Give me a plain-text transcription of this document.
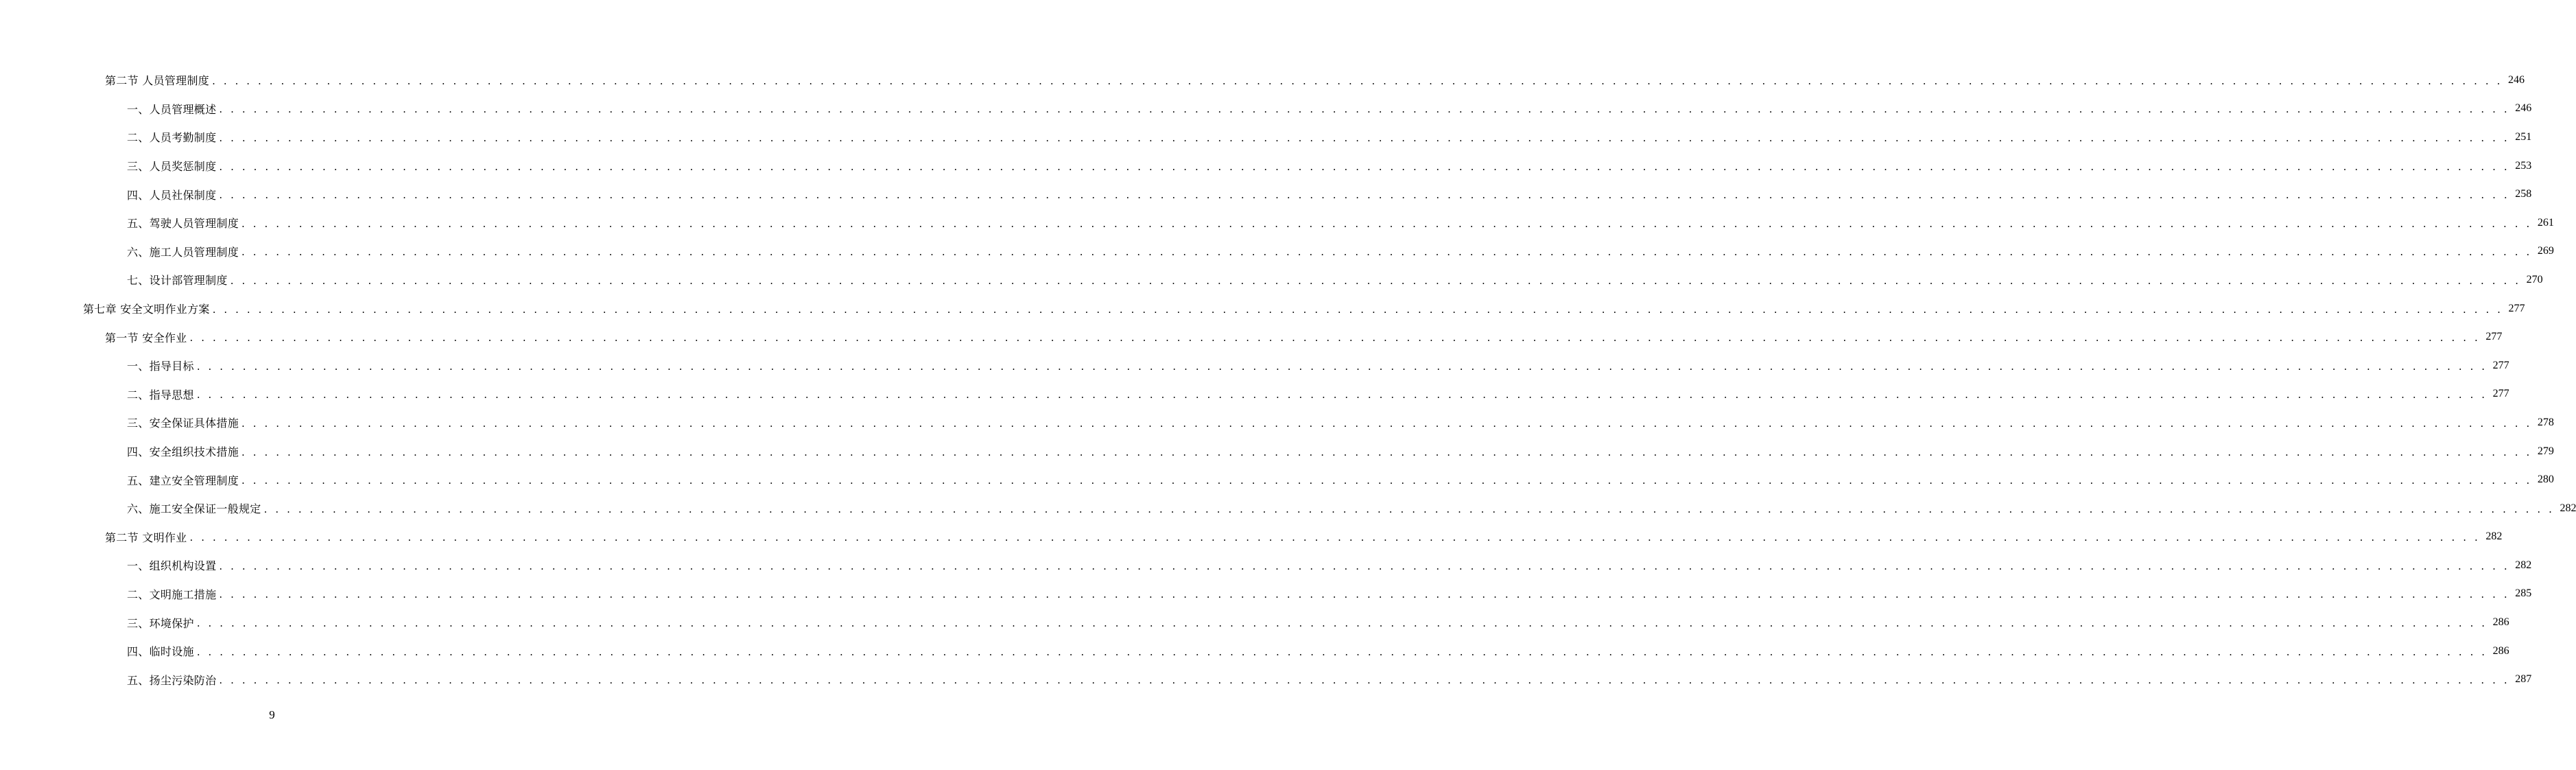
第二节 人员管理制度 . . . . . . . . . . . . . . . . . . . . . . . . . . . . . . . . . . . . . . . . . . . . . . . . . . . . . . . . . . . . . . . . . . . . . . . . . . . . . . . . . . . . . . . . . . . . . . . . . . . . . . . . . . . . . . . . . . . . . . . . . . . . . . . . . . . . . . . . . . . . . . . . . . . . . . . . . . . . . . . . . . . . . . . . . . . . . . . . . . . . . . . . . . . . . . . . . . . . . . . . 246
一、人员管理概述 . . . . . . . . . . . . . . . . . . . . . . . . . . . . . . . . . . . . . . . . . . . . . . . . . . . . . . . . . . . . . . . . . . . . . . . . . . . . . . . . . . . . . . . . . . . . . . . . . . . . . . . . . . . . . . . . . . . . . . . . . . . . . . . . . . . . . . . . . . . . . . . . . . . . . . . . . . . . . . . . . . . . . . . . . . . . . . . . . . . . . . . . . . . . . . . . . . . . . . . . 246
二、人员考勤制度 . . . . . . . . . . . . . . . . . . . . . . . . . . . . . . . . . . . . . . . . . . . . . . . . . . . . . . . . . . . . . . . . . . . . . . . . . . . . . . . . . . . . . . . . . . . . . . . . . . . . . . . . . . . . . . . . . . . . . . . . . . . . . . . . . . . . . . . . . . . . . . . . . . . . . . . . . . . . . . . . . . . . . . . . . . . . . . . . . . . . . . . . . . . . . . . . . . . . . . . . 251
三、人员奖惩制度 . . . . . . . . . . . . . . . . . . . . . . . . . . . . . . . . . . . . . . . . . . . . . . . . . . . . . . . . . . . . . . . . . . . . . . . . . . . . . . . . . . . . . . . . . . . . . . . . . . . . . . . . . . . . . . . . . . . . . . . . . . . . . . . . . . . . . . . . . . . . . . . . . . . . . . . . . . . . . . . . . . . . . . . . . . . . . . . . . . . . . . . . . . . . . . . . . . . . . . . . 253
四、人员社保制度 . . . . . . . . . . . . . . . . . . . . . . . . . . . . . . . . . . . . . . . . . . . . . . . . . . . . . . . . . . . . . . . . . . . . . . . . . . . . . . . . . . . . . . . . . . . . . . . . . . . . . . . . . . . . . . . . . . . . . . . . . . . . . . . . . . . . . . . . . . . . . . . . . . . . . . . . . . . . . . . . . . . . . . . . . . . . . . . . . . . . . . . . . . . . . . . . . . . . . . . . 258
五、驾驶人员管理制度 . . . . . . . . . . . . . . . . . . . . . . . . . . . . . . . . . . . . . . . . . . . . . . . . . . . . . . . . . . . . . . . . . . . . . . . . . . . . . . . . . . . . . . . . . . . . . . . . . . . . . . . . . . . . . . . . . . . . . . . . . . . . . . . . . . . . . . . . . . . . . . . . . . . . . . . . . . . . . . . . . . . . . . . . . . . . . . . . . . . . . . . . . . . . . . . . . . . . . . . . 261
六、施工人员管理制度 . . . . . . . . . . . . . . . . . . . . . . . . . . . . . . . . . . . . . . . . . . . . . . . . . . . . . . . . . . . . . . . . . . . . . . . . . . . . . . . . . . . . . . . . . . . . . . . . . . . . . . . . . . . . . . . . . . . . . . . . . . . . . . . . . . . . . . . . . . . . . . . . . . . . . . . . . . . . . . . . . . . . . . . . . . . . . . . . . . . . . . . . . . . . . . . . . . . . . . . . 269
七、设计部管理制度 . . . . . . . . . . . . . . . . . . . . . . . . . . . . . . . . . . . . . . . . . . . . . . . . . . . . . . . . . . . . . . . . . . . . . . . . . . . . . . . . . . . . . . . . . . . . . . . . . . . . . . . . . . . . . . . . . . . . . . . . . . . . . . . . . . . . . . . . . . . . . . . . . . . . . . . . . . . . . . . . . . . . . . . . . . . . . . . . . . . . . . . . . . . . . . . . . . . . . . . . 270
第七章 安全文明作业方案 . . . . . . . . . . . . . . . . . . . . . . . . . . . . . . . . . . . . . . . . . . . . . . . . . . . . . . . . . . . . . . . . . . . . . . . . . . . . . . . . . . . . . . . . . . . . . . . . . . . . . . . . . . . . . . . . . . . . . . . . . . . . . . . . . . . . . . . . . . . . . . . . . . . . . . . . . . . . . . . . . . . . . . . . . . . . . . . . . . . . . . . . . . . . . . . . . . . . . . . . 277
第一节 安全作业 . . . . . . . . . . . . . . . . . . . . . . . . . . . . . . . . . . . . . . . . . . . . . . . . . . . . . . . . . . . . . . . . . . . . . . . . . . . . . . . . . . . . . . . . . . . . . . . . . . . . . . . . . . . . . . . . . . . . . . . . . . . . . . . . . . . . . . . . . . . . . . . . . . . . . . . . . . . . . . . . . . . . . . . . . . . . . . . . . . . . . . . . . . . . . . . . . . . . . . . . 277
一、指导目标 . . . . . . . . . . . . . . . . . . . . . . . . . . . . . . . . . . . . . . . . . . . . . . . . . . . . . . . . . . . . . . . . . . . . . . . . . . . . . . . . . . . . . . . . . . . . . . . . . . . . . . . . . . . . . . . . . . . . . . . . . . . . . . . . . . . . . . . . . . . . . . . . . . . . . . . . . . . . . . . . . . . . . . . . . . . . . . . . . . . . . . . . . . . . . . . . . . . . . . . . 277
二、指导思想 . . . . . . . . . . . . . . . . . . . . . . . . . . . . . . . . . . . . . . . . . . . . . . . . . . . . . . . . . . . . . . . . . . . . . . . . . . . . . . . . . . . . . . . . . . . . . . . . . . . . . . . . . . . . . . . . . . . . . . . . . . . . . . . . . . . . . . . . . . . . . . . . . . . . . . . . . . . . . . . . . . . . . . . . . . . . . . . . . . . . . . . . . . . . . . . . . . . . . . . . 277
三、安全保证具体措施 . . . . . . . . . . . . . . . . . . . . . . . . . . . . . . . . . . . . . . . . . . . . . . . . . . . . . . . . . . . . . . . . . . . . . . . . . . . . . . . . . . . . . . . . . . . . . . . . . . . . . . . . . . . . . . . . . . . . . . . . . . . . . . . . . . . . . . . . . . . . . . . . . . . . . . . . . . . . . . . . . . . . . . . . . . . . . . . . . . . . . . . . . . . . . . . . . . . . . . . . 278
四、安全组织技术措施 . . . . . . . . . . . . . . . . . . . . . . . . . . . . . . . . . . . . . . . . . . . . . . . . . . . . . . . . . . . . . . . . . . . . . . . . . . . . . . . . . . . . . . . . . . . . . . . . . . . . . . . . . . . . . . . . . . . . . . . . . . . . . . . . . . . . . . . . . . . . . . . . . . . . . . . . . . . . . . . . . . . . . . . . . . . . . . . . . . . . . . . . . . . . . . . . . . . . . . . . 279
五、建立安全管理制度 . . . . . . . . . . . . . . . . . . . . . . . . . . . . . . . . . . . . . . . . . . . . . . . . . . . . . . . . . . . . . . . . . . . . . . . . . . . . . . . . . . . . . . . . . . . . . . . . . . . . . . . . . . . . . . . . . . . . . . . . . . . . . . . . . . . . . . . . . . . . . . . . . . . . . . . . . . . . . . . . . . . . . . . . . . . . . . . . . . . . . . . . . . . . . . . . . . . . . . . . 280
六、施工安全保证一般规定 . . . . . . . . . . . . . . . . . . . . . . . . . . . . . . . . . . . . . . . . . . . . . . . . . . . . . . . . . . . . . . . . . . . . . . . . . . . . . . . . . . . . . . . . . . . . . . . . . . . . . . . . . . . . . . . . . . . . . . . . . . . . . . . . . . . . . . . . . . . . . . . . . . . . . . . . . . . . . . . . . . . . . . . . . . . . . . . . . . . . . . . . . . . . . . . . . . . . . . . . 282
第二节 文明作业 . . . . . . . . . . . . . . . . . . . . . . . . . . . . . . . . . . . . . . . . . . . . . . . . . . . . . . . . . . . . . . . . . . . . . . . . . . . . . . . . . . . . . . . . . . . . . . . . . . . . . . . . . . . . . . . . . . . . . . . . . . . . . . . . . . . . . . . . . . . . . . . . . . . . . . . . . . . . . . . . . . . . . . . . . . . . . . . . . . . . . . . . . . . . . . . . . . . . . . . . 282
一、组织机构设置 . . . . . . . . . . . . . . . . . . . . . . . . . . . . . . . . . . . . . . . . . . . . . . . . . . . . . . . . . . . . . . . . . . . . . . . . . . . . . . . . . . . . . . . . . . . . . . . . . . . . . . . . . . . . . . . . . . . . . . . . . . . . . . . . . . . . . . . . . . . . . . . . . . . . . . . . . . . . . . . . . . . . . . . . . . . . . . . . . . . . . . . . . . . . . . . . . . . . . . . . 282
二、文明施工措施 . . . . . . . . . . . . . . . . . . . . . . . . . . . . . . . . . . . . . . . . . . . . . . . . . . . . . . . . . . . . . . . . . . . . . . . . . . . . . . . . . . . . . . . . . . . . . . . . . . . . . . . . . . . . . . . . . . . . . . . . . . . . . . . . . . . . . . . . . . . . . . . . . . . . . . . . . . . . . . . . . . . . . . . . . . . . . . . . . . . . . . . . . . . . . . . . . . . . . . . . 285
三、环境保护 . . . . . . . . . . . . . . . . . . . . . . . . . . . . . . . . . . . . . . . . . . . . . . . . . . . . . . . . . . . . . . . . . . . . . . . . . . . . . . . . . . . . . . . . . . . . . . . . . . . . . . . . . . . . . . . . . . . . . . . . . . . . . . . . . . . . . . . . . . . . . . . . . . . . . . . . . . . . . . . . . . . . . . . . . . . . . . . . . . . . . . . . . . . . . . . . . . . . . . . . 286
四、临时设施 . . . . . . . . . . . . . . . . . . . . . . . . . . . . . . . . . . . . . . . . . . . . . . . . . . . . . . . . . . . . . . . . . . . . . . . . . . . . . . . . . . . . . . . . . . . . . . . . . . . . . . . . . . . . . . . . . . . . . . . . . . . . . . . . . . . . . . . . . . . . . . . . . . . . . . . . . . . . . . . . . . . . . . . . . . . . . . . . . . . . . . . . . . . . . . . . . . . . . . . . 286
五、扬尘污染防治 . . . . . . . . . . . . . . . . . . . . . . . . . . . . . . . . . . . . . . . . . . . . . . . . . . . . . . . . . . . . . . . . . . . . . . . . . . . . . . . . . . . . . . . . . . . . . . . . . . . . . . . . . . . . . . . . . . . . . . . . . . . . . . . . . . . . . . . . . . . . . . . . . . . . . . . . . . . . . . . . . . . . . . . . . . . . . . . . . . . . . . . . . . . . . . . . . . . . . . . . 287
9
